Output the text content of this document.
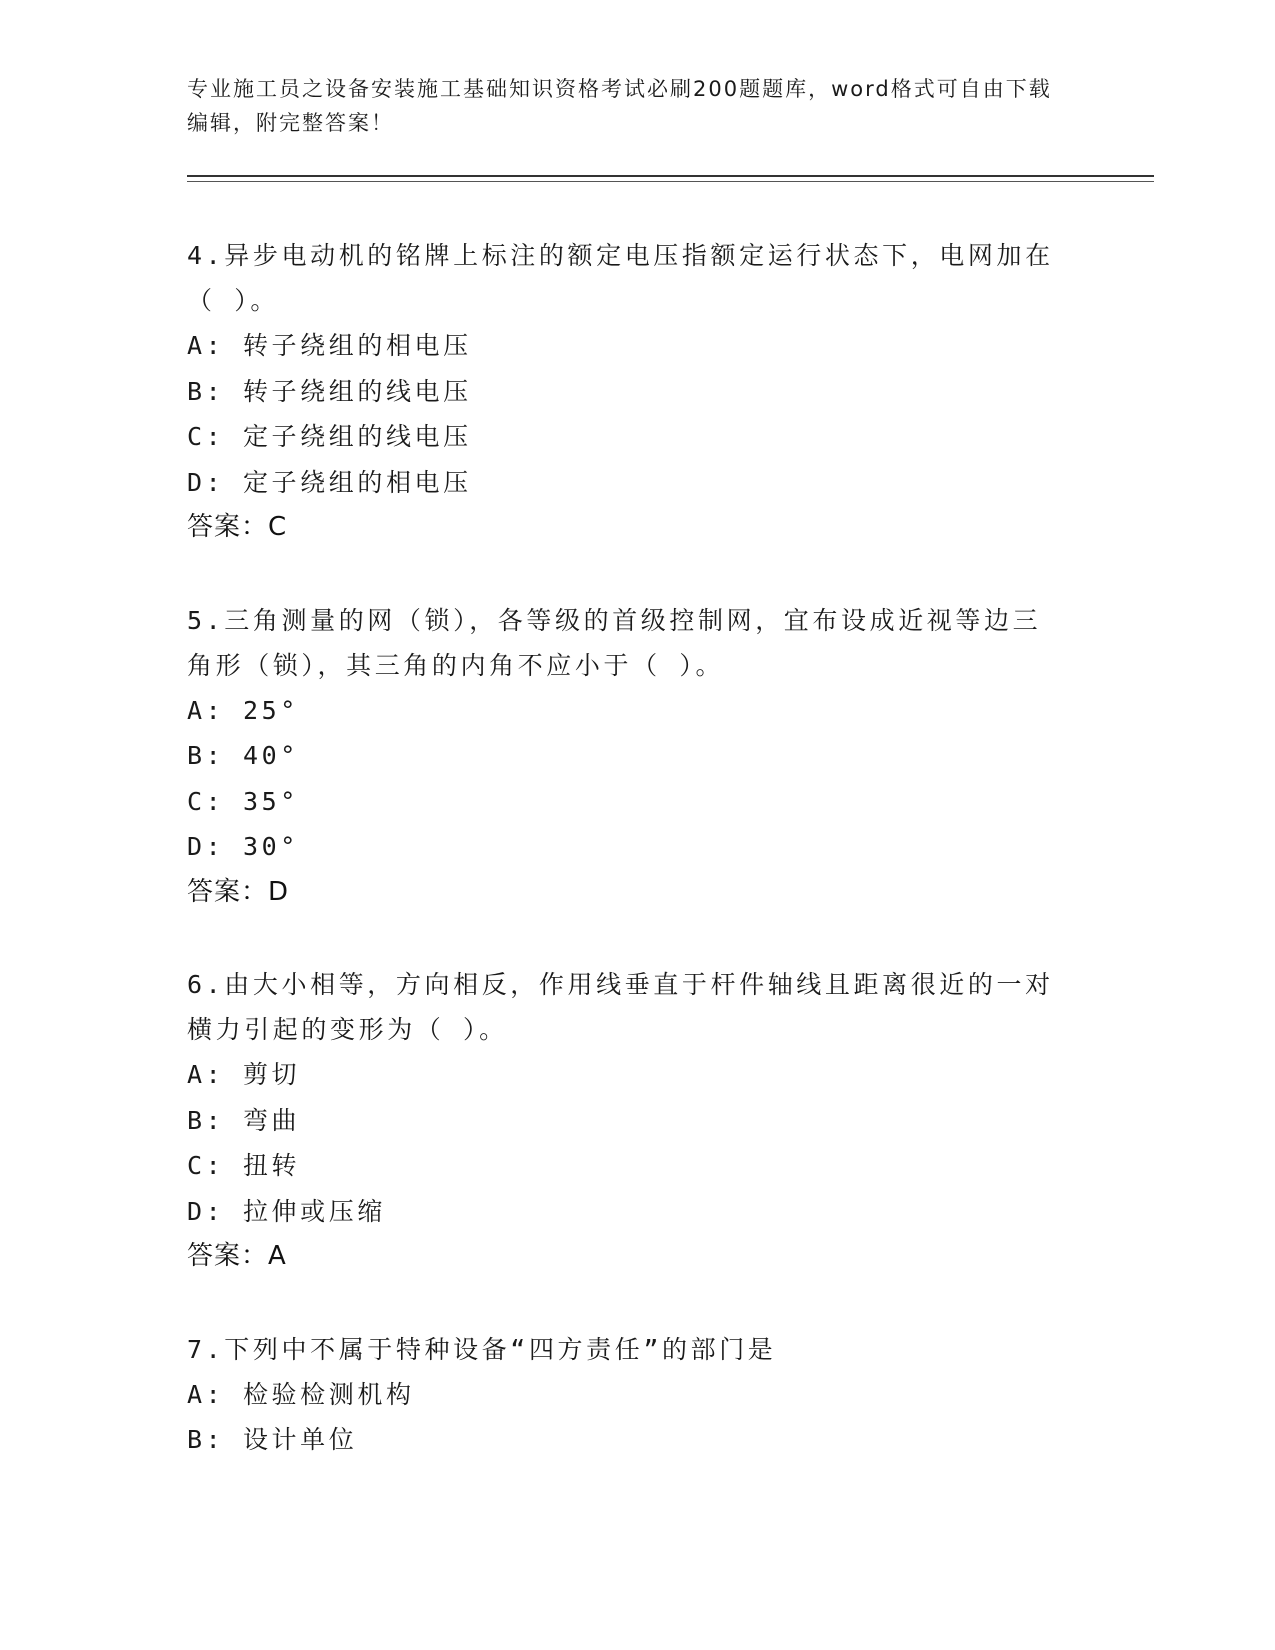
专业施工员之设备安装施工基础知识资格考试必刷200题题库，word格式可自由下载编辑，附完整答案！
4.异步电动机的铭牌上标注的额定电压指额定运行状态下，电网加在（ ）。
A: 转子绕组的相电压
B: 转子绕组的线电压
C: 定子绕组的线电压
D: 定子绕组的相电压
答案：C
5.三角测量的网（锁），各等级的首级控制网，宜布设成近视等边三角形（锁），其三角的内角不应小于（ ）。
A: 25°
B: 40°
C: 35°
D: 30°
答案：D
6.由大小相等，方向相反，作用线垂直于杆件轴线且距离很近的一对横力引起的变形为（ ）。
A: 剪切
B: 弯曲
C: 扭转
D: 拉伸或压缩
答案：A
7.下列中不属于特种设备“四方责任”的部门是
A: 检验检测机构
B: 设计单位
